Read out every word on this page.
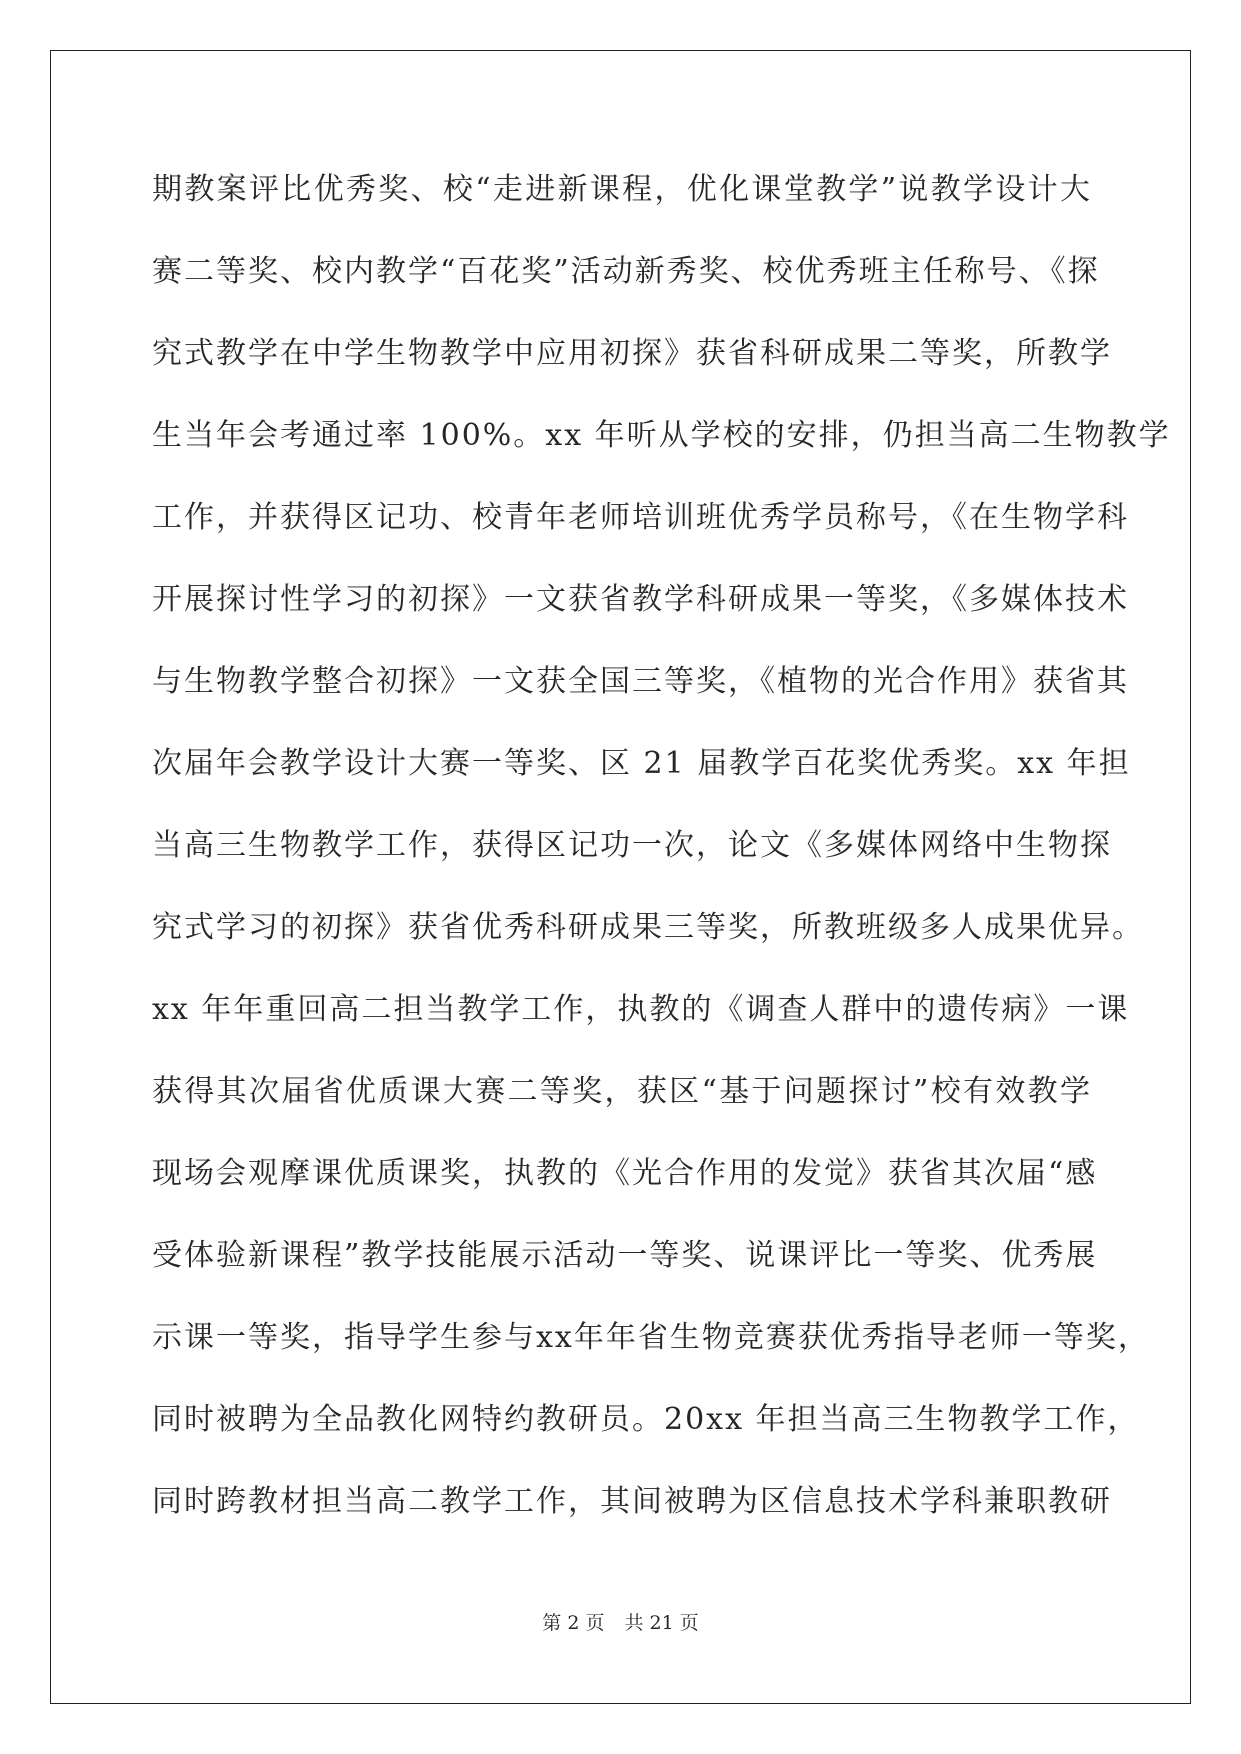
期教案评比优秀奖、校“走进新课程，优化课堂教学”说教学设计大
赛二等奖、校内教学“百花奖”活动新秀奖、校优秀班主任称号、《探
究式教学在中学生物教学中应用初探》获省科研成果二等奖，所教学
生当年会考通过率 100%。xx 年听从学校的安排，仍担当高二生物教学
工作，并获得区记功、校青年老师培训班优秀学员称号，《在生物学科
开展探讨性学习的初探》一文获省教学科研成果一等奖，《多媒体技术
与生物教学整合初探》一文获全国三等奖，《植物的光合作用》获省其
次届年会教学设计大赛一等奖、区 21 届教学百花奖优秀奖。xx 年担
当高三生物教学工作，获得区记功一次，论文《多媒体网络中生物探
究式学习的初探》获省优秀科研成果三等奖，所教班级多人成果优异。
xx 年年重回高二担当教学工作，执教的《调查人群中的遗传病》一课
获得其次届省优质课大赛二等奖，获区“基于问题探讨”校有效教学
现场会观摩课优质课奖，执教的《光合作用的发觉》获省其次届“感
受体验新课程”教学技能展示活动一等奖、说课评比一等奖、优秀展
示课一等奖，指导学生参与xx年年省生物竞赛获优秀指导老师一等奖，
同时被聘为全品教化网特约教研员。20xx 年担当高三生物教学工作，
同时跨教材担当高二教学工作，其间被聘为区信息技术学科兼职教研
第 2 页 共 21 页
